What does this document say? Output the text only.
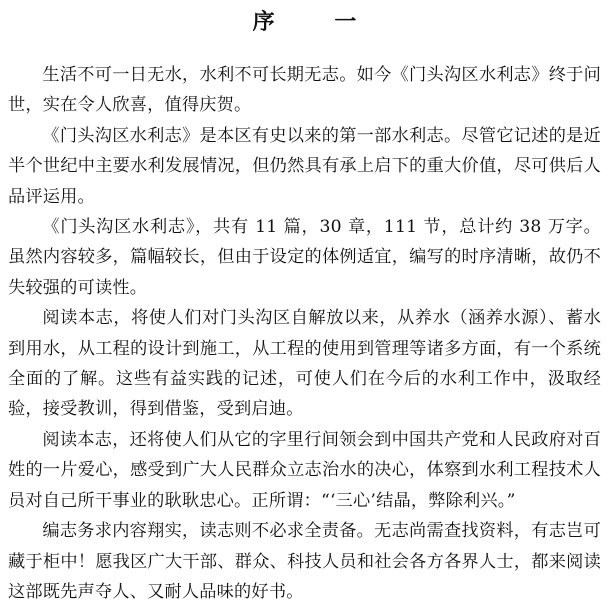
序 一

生活不可一日无水，水利不可长期无志。如今《门头沟区水利志》终于问世，实在令人欣喜，值得庆贺。

《门头沟区水利志》是本区有史以来的第一部水利志。尽管它记述的是近半个世纪中主要水利发展情况，但仍然具有承上启下的重大价值，尽可供后人品评运用。

《门头沟区水利志》，共有 11 篇，30 章，111 节，总计约 38 万字。虽然内容较多，篇幅较长，但由于设定的体例适宜，编写的时序清晰，故仍不失较强的可读性。

阅读本志，将使人们对门头沟区自解放以来，从养水（涵养水源）、蓄水到用水，从工程的设计到施工，从工程的使用到管理等诸多方面，有一个系统全面的了解。这些有益实践的记述，可使人们在今后的水利工作中，汲取经验，接受教训，得到借鉴，受到启迪。

阅读本志，还将使人们从它的字里行间领会到中国共产党和人民政府对百姓的一片爱心，感受到广大人民群众立志治水的决心，体察到水利工程技术人员对自己所干事业的耿耿忠心。正所谓：“‘三心’结晶，弊除利兴。”

编志务求内容翔实，读志则不必求全责备。无志尚需查找资料，有志岂可藏于柜中！愿我区广大干部、群众、科技人员和社会各方各界人士，都来阅读这部既先声夺人、又耐人品味的好书。
